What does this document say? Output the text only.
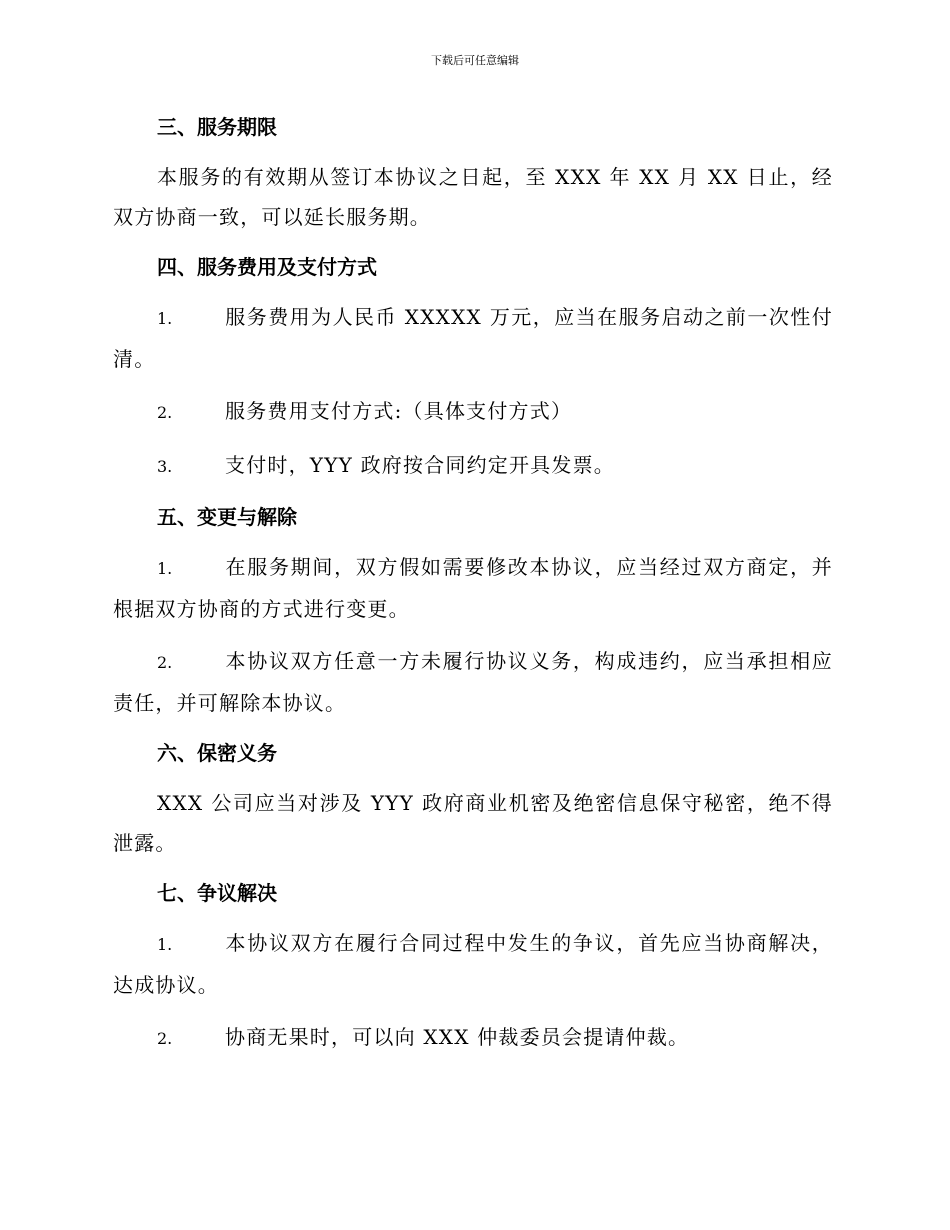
下载后可任意编辑
三、服务期限
本服务的有效期从签订本协议之日起，至 XXX 年 XX 月 XX 日止，经双方协商一致，可以延长服务期。
四、服务费用及支付方式
1.	服务费用为人民币 XXXXX 万元，应当在服务启动之前一次性付清。
2.	服务费用支付方式:（具体支付方式）
3.	支付时，YYY 政府按合同约定开具发票。
五、变更与解除
1.	在服务期间，双方假如需要修改本协议，应当经过双方商定，并根据双方协商的方式进行变更。
2.	本协议双方任意一方未履行协议义务，构成违约，应当承担相应责任，并可解除本协议。
六、保密义务
XXX 公司应当对涉及 YYY 政府商业机密及绝密信息保守秘密，绝不得泄露。
七、争议解决
1.	本协议双方在履行合同过程中发生的争议，首先应当协商解决，达成协议。
2.	协商无果时，可以向 XXX 仲裁委员会提请仲裁。
